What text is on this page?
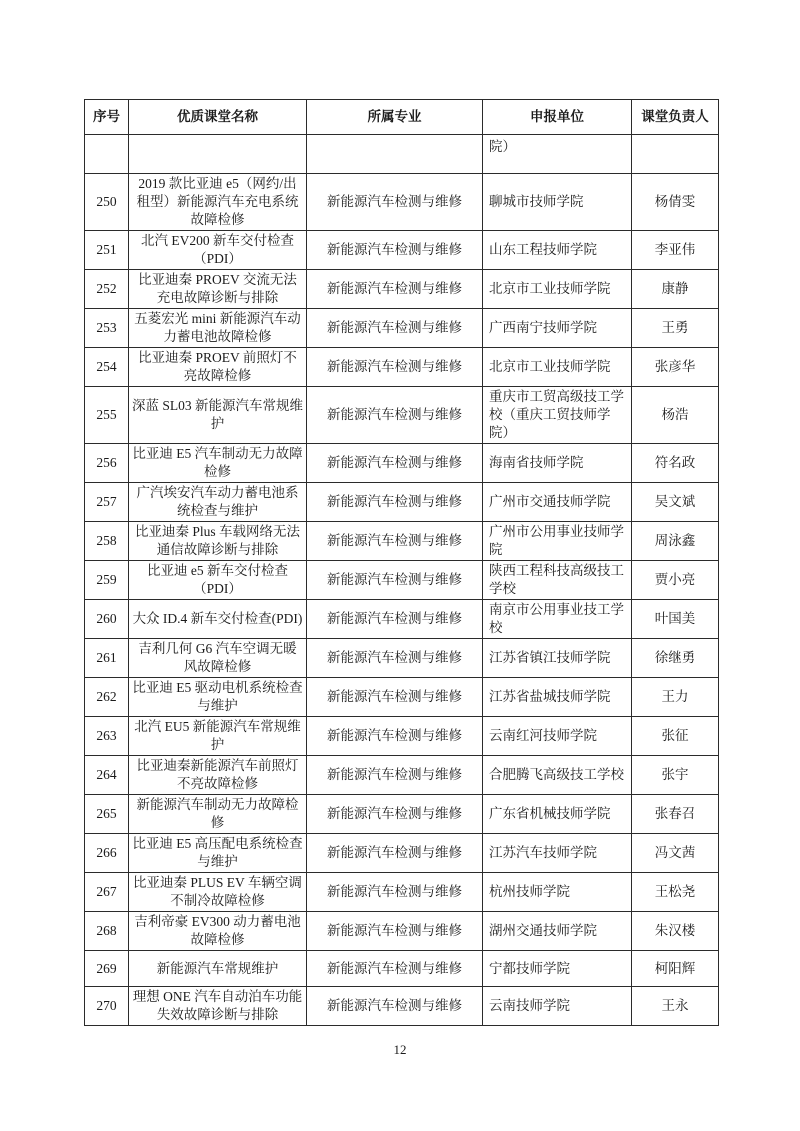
序号	优质课堂名称	所属专业	申报单位	课堂负责人
			院）	
250	2019 款比亚迪 e5（网约/出租型）新能源汽车充电系统故障检修	新能源汽车检测与维修	聊城市技师学院	杨倩雯
251	北汽 EV200 新车交付检查（PDI）	新能源汽车检测与维修	山东工程技师学院	李亚伟
252	比亚迪秦 PROEV 交流无法充电故障诊断与排除	新能源汽车检测与维修	北京市工业技师学院	康静
253	五菱宏光 mini 新能源汽车动力蓄电池故障检修	新能源汽车检测与维修	广西南宁技师学院	王勇
254	比亚迪秦 PROEV 前照灯不亮故障检修	新能源汽车检测与维修	北京市工业技师学院	张彦华
255	深蓝 SL03 新能源汽车常规维护	新能源汽车检测与维修	重庆市工贸高级技工学校（重庆工贸技师学院）	杨浩
256	比亚迪 E5 汽车制动无力故障检修	新能源汽车检测与维修	海南省技师学院	符名政
257	广汽埃安汽车动力蓄电池系统检查与维护	新能源汽车检测与维修	广州市交通技师学院	吴文斌
258	比亚迪秦 Plus 车载网络无法通信故障诊断与排除	新能源汽车检测与维修	广州市公用事业技师学院	周泳鑫
259	比亚迪 e5 新车交付检查（PDI）	新能源汽车检测与维修	陕西工程科技高级技工学校	贾小亮
260	大众 ID.4 新车交付检查(PDI)	新能源汽车检测与维修	南京市公用事业技工学校	叶国美
261	吉利几何 G6 汽车空调无暖风故障检修	新能源汽车检测与维修	江苏省镇江技师学院	徐继勇
262	比亚迪 E5 驱动电机系统检查与维护	新能源汽车检测与维修	江苏省盐城技师学院	王力
263	北汽 EU5 新能源汽车常规维护	新能源汽车检测与维修	云南红河技师学院	张征
264	比亚迪秦新能源汽车前照灯不亮故障检修	新能源汽车检测与维修	合肥腾飞高级技工学校	张宇
265	新能源汽车制动无力故障检修	新能源汽车检测与维修	广东省机械技师学院	张春召
266	比亚迪 E5 高压配电系统检查与维护	新能源汽车检测与维修	江苏汽车技师学院	冯文茜
267	比亚迪秦 PLUS EV 车辆空调不制冷故障检修	新能源汽车检测与维修	杭州技师学院	王松尧
268	吉利帝豪 EV300 动力蓄电池故障检修	新能源汽车检测与维修	湖州交通技师学院	朱汉楼
269	新能源汽车常规维护	新能源汽车检测与维修	宁都技师学院	柯阳辉
270	理想 ONE 汽车自动泊车功能失效故障诊断与排除	新能源汽车检测与维修	云南技师学院	王永
12
